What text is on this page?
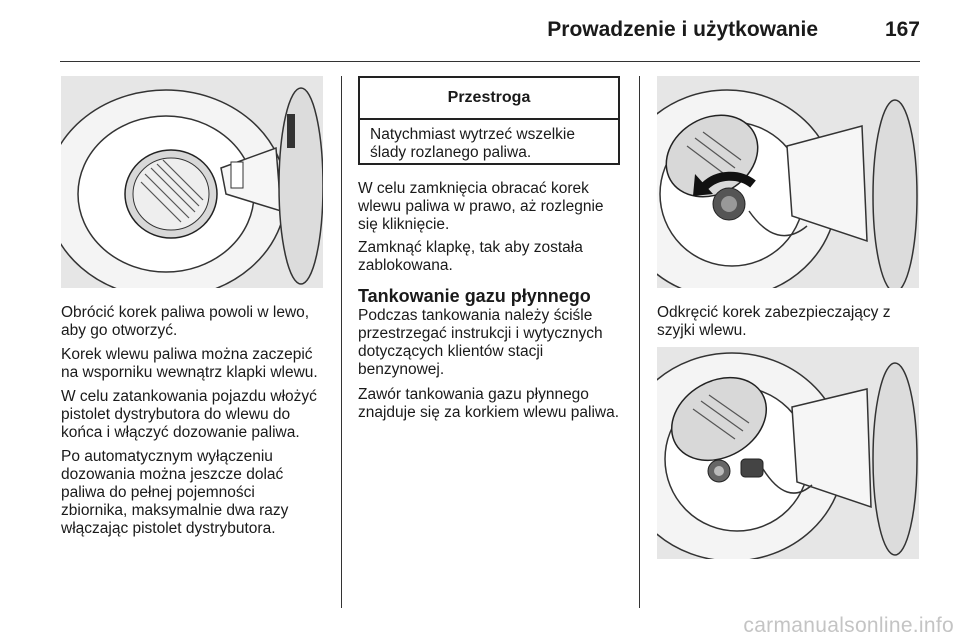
Prowadzenie i użytkowanie	167

Obrócić korek paliwa powoli w lewo,
aby go otworzyć.

Korek wlewu paliwa można zaczepić
na wsporniku wewnątrz klapki wlewu.

W celu zatankowania pojazdu włożyć
pistolet dystrybutora do wlewu do
końca i włączyć dozowanie paliwa.

Po automatycznym wyłączeniu
dozowania można jeszcze dolać
paliwa do pełnej pojemności
zbiornika, maksymalnie dwa razy
włączając pistolet dystrybutora.

Przestroga
Natychmiast wytrzeć wszelkie
ślady rozlanego paliwa.

W celu zamknięcia obracać korek
wlewu paliwa w prawo, aż rozlegnie
się kliknięcie.

Zamknąć klapkę, tak aby została
zablokowana.

Tankowanie gazu płynnego

Podczas tankowania należy ściśle
przestrzegać instrukcji i wytycznych
dotyczących klientów stacji
benzynowej.

Zawór tankowania gazu płynnego
znajduje się za korkiem wlewu paliwa.

Odkręcić korek zabezpieczający z
szyjki wlewu.

carmanualsonline.info
